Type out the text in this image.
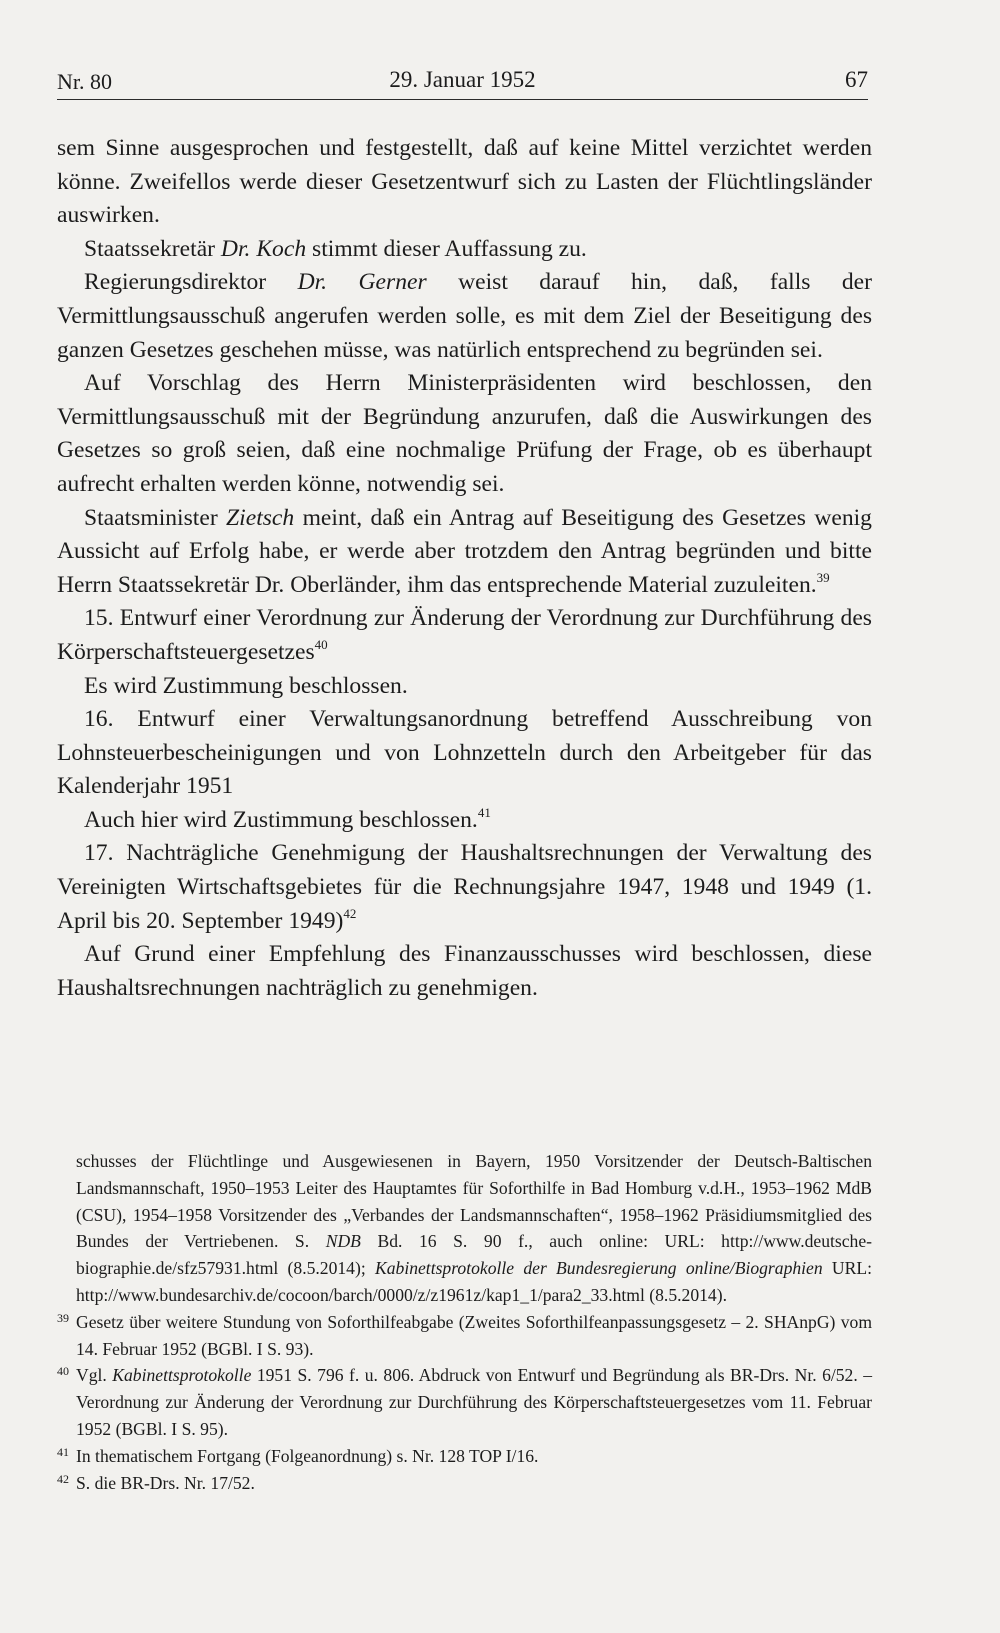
Nr. 80	29. Januar 1952	67

sem Sinne ausgesprochen und festgestellt, daß auf keine Mittel verzichtet werden könne. Zweifellos werde dieser Gesetzentwurf sich zu Lasten der Flüchtlingsländer auswirken.

Staatssekretär Dr. Koch stimmt dieser Auffassung zu.

Regierungsdirektor Dr. Gerner weist darauf hin, daß, falls der Vermittlungsausschuß angerufen werden solle, es mit dem Ziel der Beseitigung des ganzen Gesetzes geschehen müsse, was natürlich entsprechend zu begründen sei.

Auf Vorschlag des Herrn Ministerpräsidenten wird beschlossen, den Vermittlungsausschuß mit der Begründung anzurufen, daß die Auswirkungen des Gesetzes so groß seien, daß eine nochmalige Prüfung der Frage, ob es überhaupt aufrecht erhalten werden könne, notwendig sei.

Staatsminister Zietsch meint, daß ein Antrag auf Beseitigung des Gesetzes wenig Aussicht auf Erfolg habe, er werde aber trotzdem den Antrag begründen und bitte Herrn Staatssekretär Dr. Oberländer, ihm das entsprechende Material zuzuleiten.$^{39}$

15. Entwurf einer Verordnung zur Änderung der Verordnung zur Durchführung des Körperschaftsteuergesetzes$^{40}$

Es wird Zustimmung beschlossen.

16. Entwurf einer Verwaltungsanordnung betreffend Ausschreibung von Lohnsteuerbescheinigungen und von Lohnzetteln durch den Arbeitgeber für das Kalenderjahr 1951

Auch hier wird Zustimmung beschlossen.$^{41}$

17. Nachträgliche Genehmigung der Haushaltsrechnungen der Verwaltung des Vereinigten Wirtschaftsgebietes für die Rechnungsjahre 1947, 1948 und 1949 (1. April bis 20. September 1949)$^{42}$

Auf Grund einer Empfehlung des Finanzausschusses wird beschlossen, diese Haushaltsrechnungen nachträglich zu genehmigen.

schusses der Flüchtlinge und Ausgewiesenen in Bayern, 1950 Vorsitzender der Deutsch-Baltischen Landsmannschaft, 1950–1953 Leiter des Hauptamtes für Soforthilfe in Bad Homburg v.d.H., 1953–1962 MdB (CSU), 1954–1958 Vorsitzender des „Verbandes der Landsmannschaften“, 1958–1962 Präsidiumsmitglied des Bundes der Vertriebenen. S. NDB Bd. 16 S. 90 f., auch online: URL: http://www.deutsche-biographie.de/sfz57931.html (8.5.2014); Kabinettsprotokolle der Bundesregierung online/Biographien URL: http://www.bundesarchiv.de/cocoon/barch/0000/z/z1961z/kap1_1/para2_33.html (8.5.2014).

39 Gesetz über weitere Stundung von Soforthilfeabgabe (Zweites Soforthilfeanpassungsgesetz – 2. SHAnpG) vom 14. Februar 1952 (BGBl. I S. 93).

40 Vgl. Kabinettsprotokolle 1951 S. 796 f. u. 806. Abdruck von Entwurf und Begründung als BR-Drs. Nr. 6/52. – Verordnung zur Änderung der Verordnung zur Durchführung des Körperschaftsteuergesetzes vom 11. Februar 1952 (BGBl. I S. 95).

41 In thematischem Fortgang (Folgeanordnung) s. Nr. 128 TOP I/16.

42 S. die BR-Drs. Nr. 17/52.
